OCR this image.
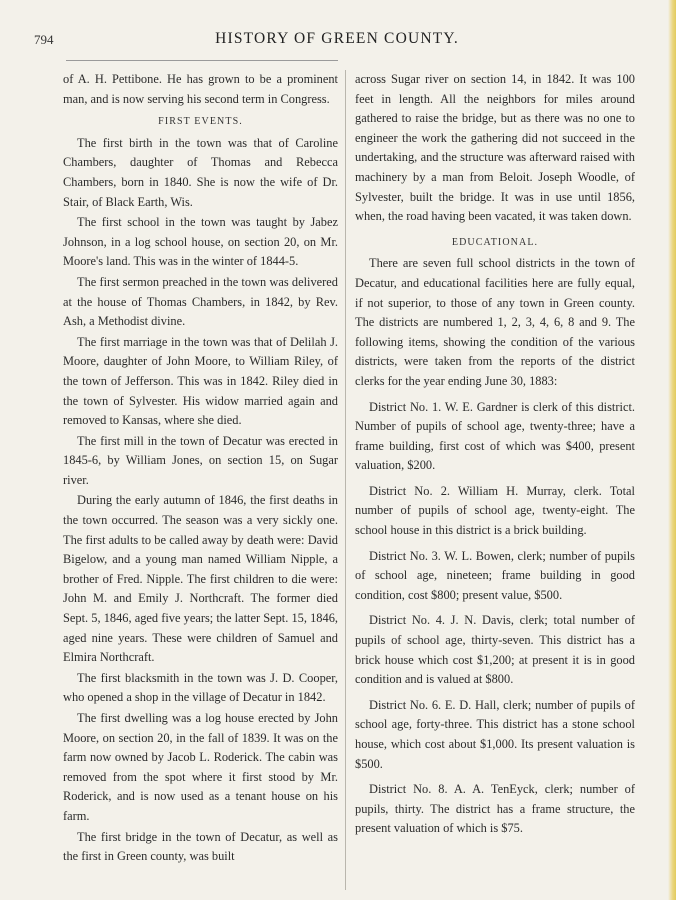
794	HISTORY OF GREEN COUNTY.

of A. H. Pettibone. He has grown to be a prominent man, and is now serving his second term in Congress.

FIRST EVENTS.

The first birth in the town was that of Caroline Chambers, daughter of Thomas and Rebecca Chambers, born in 1840. She is now the wife of Dr. Stair, of Black Earth, Wis.

The first school in the town was taught by Jabez Johnson, in a log school house, on section 20, on Mr. Moore's land. This was in the winter of 1844-5.

The first sermon preached in the town was delivered at the house of Thomas Chambers, in 1842, by Rev. Ash, a Methodist divine.

The first marriage in the town was that of Delilah J. Moore, daughter of John Moore, to William Riley, of the town of Jefferson. This was in 1842. Riley died in the town of Sylvester. His widow married again and removed to Kansas, where she died.

The first mill in the town of Decatur was erected in 1845-6, by William Jones, on section 15, on Sugar river.

During the early autumn of 1846, the first deaths in the town occurred. The season was a very sickly one. The first adults to be called away by death were: David Bigelow, and a young man named William Nipple, a brother of Fred. Nipple. The first children to die were: John M. and Emily J. Northcraft. The former died Sept. 5, 1846, aged five years; the latter Sept. 15, 1846, aged nine years. These were children of Samuel and Elmira Northcraft.

The first blacksmith in the town was J. D. Cooper, who opened a shop in the village of Decatur in 1842.

The first dwelling was a log house erected by John Moore, on section 20, in the fall of 1839. It was on the farm now owned by Jacob L. Roderick. The cabin was removed from the spot where it first stood by Mr. Roderick, and is now used as a tenant house on his farm.

The first bridge in the town of Decatur, as well as the first in Green county, was built

across Sugar river on section 14, in 1842. It was 100 feet in length. All the neighbors for miles around gathered to raise the bridge, but as there was no one to engineer the work the gathering did not succeed in the undertaking, and the structure was afterward raised with machinery by a man from Beloit. Joseph Woodle, of Sylvester, built the bridge. It was in use until 1856, when, the road having been vacated, it was taken down.

EDUCATIONAL.

There are seven full school districts in the town of Decatur, and educational facilities here are fully equal, if not superior, to those of any town in Green county. The districts are numbered 1, 2, 3, 4, 6, 8 and 9. The following items, showing the condition of the various districts, were taken from the reports of the district clerks for the year ending June 30, 1883:

District No. 1. W. E. Gardner is clerk of this district. Number of pupils of school age, twenty-three; have a frame building, first cost of which was $400, present valuation, $200.

District No. 2. William H. Murray, clerk. Total number of pupils of school age, twenty-eight. The school house in this district is a brick building.

District No. 3. W. L. Bowen, clerk; number of pupils of school age, nineteen; frame building in good condition, cost $800; present value, $500.

District No. 4. J. N. Davis, clerk; total number of pupils of school age, thirty-seven. This district has a brick house which cost $1,200; at present it is in good condition and is valued at $800.

District No. 6. E. D. Hall, clerk; number of pupils of school age, forty-three. This district has a stone school house, which cost about $1,000. Its present valuation is $500.

District No. 8. A. A. TenEyck, clerk; number of pupils, thirty. The district has a frame structure, the present valuation of which is $75.
